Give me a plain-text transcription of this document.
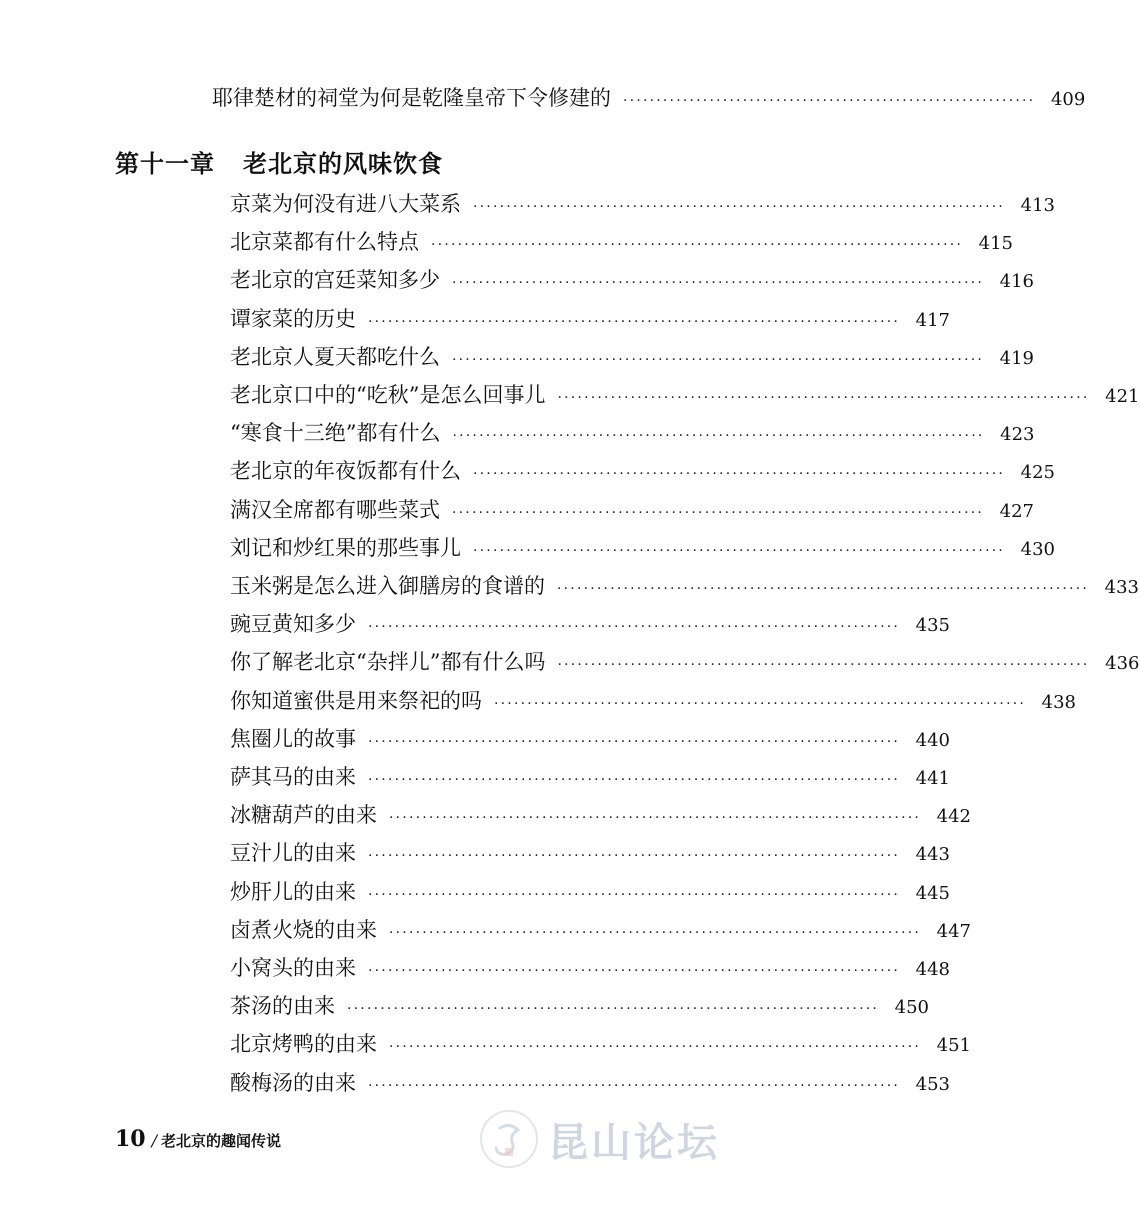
耶律楚材的祠堂为何是乾隆皇帝下令修建的 ······························································ 409
第十一章 老北京的风味饮食
京菜为何没有进八大菜系 ················································································ 413
北京菜都有什么特点 ················································································ 415
老北京的宫廷菜知多少 ················································································ 416
谭家菜的历史 ················································································ 417
老北京人夏天都吃什么 ················································································ 419
老北京口中的“吃秋”是怎么回事儿 ················································································ 421
“寒食十三绝”都有什么 ················································································ 423
老北京的年夜饭都有什么 ················································································ 425
满汉全席都有哪些菜式 ················································································ 427
刘记和炒红果的那些事儿 ················································································ 430
玉米粥是怎么进入御膳房的食谱的 ················································································ 433
豌豆黄知多少 ················································································ 435
你了解老北京“杂拌儿”都有什么吗 ················································································ 436
你知道蜜供是用来祭祀的吗 ················································································ 438
焦圈儿的故事 ················································································ 440
萨其马的由来 ················································································ 441
冰糖葫芦的由来 ················································································ 442
豆汁儿的由来 ················································································ 443
炒肝儿的由来 ················································································ 445
卤煮火烧的由来 ················································································ 447
小窝头的由来 ················································································ 448
茶汤的由来 ················································································ 450
北京烤鸭的由来 ················································································ 451
酸梅汤的由来 ················································································ 453
10 / 老北京的趣闻传说	昆山论坛
